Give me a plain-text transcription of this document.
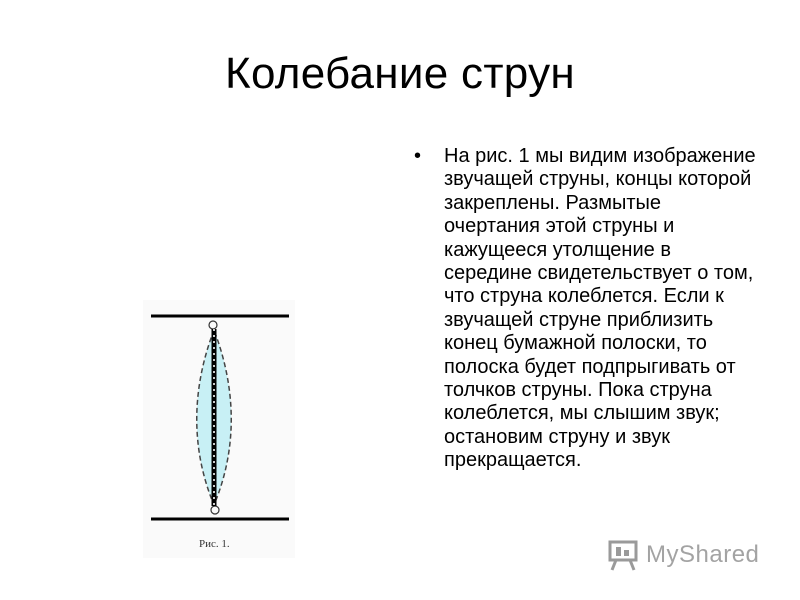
Колебание струн
• На рис. 1 мы видим изображение звучащей струны, концы которой закреплены. Размытые очертания этой струны и кажущееся утолщение в середине свидетельствует о том, что струна колеблется. Если к звучащей струне приблизить конец бумажной полоски, то полоска будет подпрыгивать от толчков струны. Пока струна колеблется, мы слышим звук; остановим струну и звук прекращается.
Рис. 1.	MyShared
